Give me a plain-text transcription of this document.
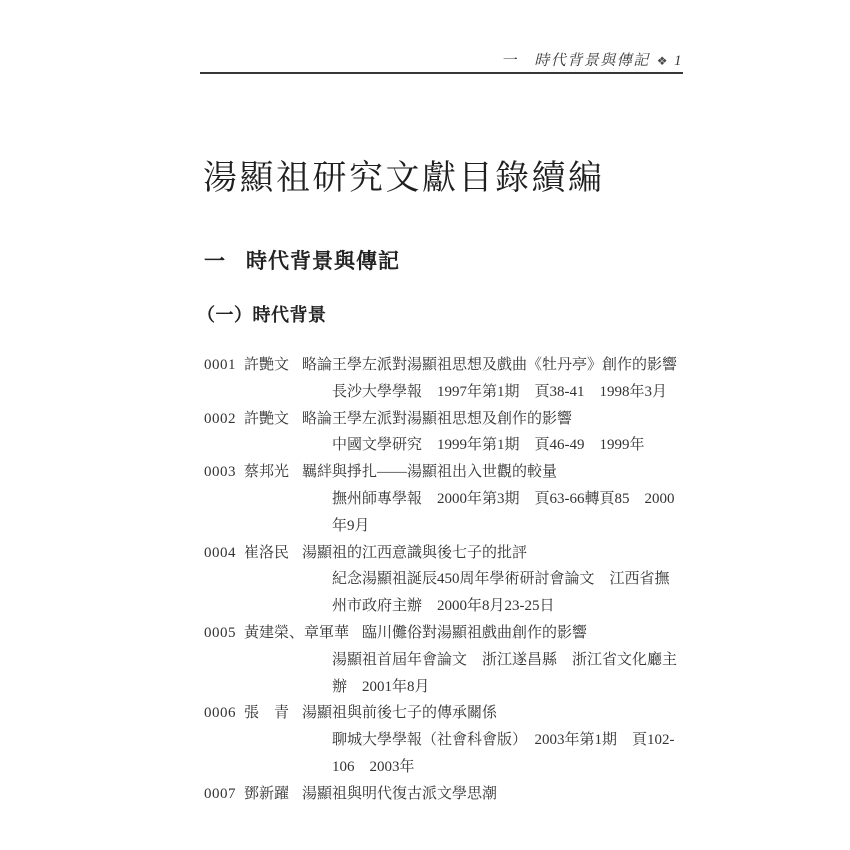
一　時代背景與傳記 ❖ 1
湯顯祖研究文獻目錄續編
一 時代背景與傳記
（一）時代背景
0001 許艷文 略論王學左派對湯顯祖思想及戲曲《牡丹亭》創作的影響
長沙大學學報　1997年第1期　頁38-41　1998年3月
0002 許艷文 略論王學左派對湯顯祖思想及創作的影響
中國文學研究　1999年第1期　頁46-49　1999年
0003 蔡邦光 羈絆與掙扎——湯顯祖出入世觀的較量
撫州師專學報　2000年第3期　頁63-66轉頁85　2000
年9月
0004 崔洛民 湯顯祖的江西意識與後七子的批評
紀念湯顯祖誕辰450周年學術研討會論文　江西省撫
州市政府主辦　2000年8月23-25日
0005 黃建榮、章軍華 臨川儺俗對湯顯祖戲曲創作的影響
湯顯祖首屆年會論文　浙江遂昌縣　浙江省文化廳主
辦　2001年8月
0006 張　青 湯顯祖與前後七子的傳承關係
聊城大學學報（社會科會版）　2003年第1期　頁102-
106　2003年
0007 鄧新躍 湯顯祖與明代復古派文學思潮
